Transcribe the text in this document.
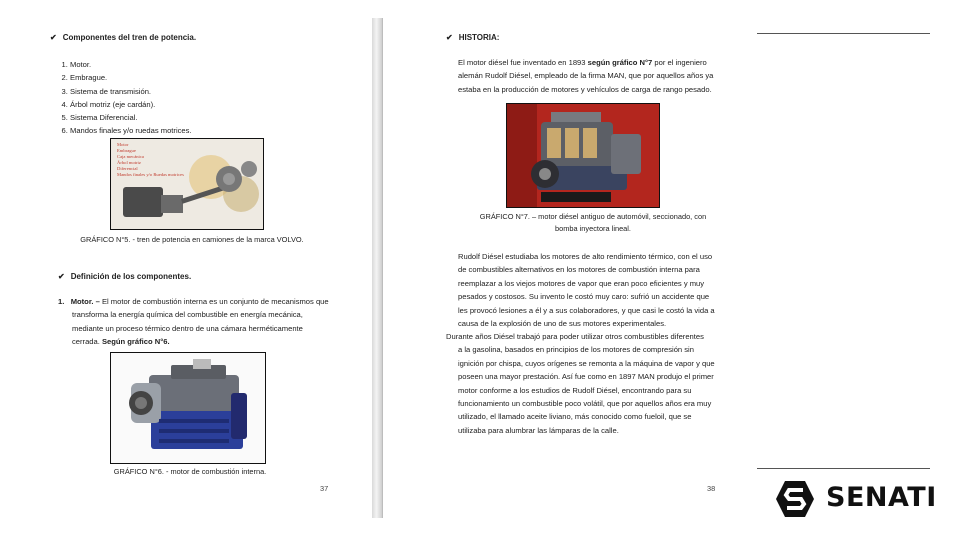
✔ Componentes del tren de potencia.
1. Motor.
2. Embrague.
3. Sistema de transmisión.
4. Árbol motriz (eje cardán).
5. Sistema Diferencial.
6. Mandos finales y/o ruedas motrices.
Motor
Embrague
Caja mecánica
Árbol motriz
Diferencial
Mandos finales y/o Ruedas motrices
GRÁFICO N°5. - tren de potencia en camiones de la marca VOLVO.
✔ Definición de los componentes.
1. Motor. – El motor de combustión interna es un conjunto de mecanismos que
transforma la energía química del combustible en energía mecánica,
mediante un proceso térmico dentro de una cámara herméticamente
cerrada. Según gráfico N°6.
GRÁFICO N°6. - motor de combustión interna.
37
✔ HISTORIA:
El motor diésel fue inventado en 1893 según gráfico N°7 por el ingeniero
alemán Rudolf Diésel, empleado de la firma MAN, que por aquellos años ya
estaba en la producción de motores y vehículos de carga de rango pesado.
GRÁFICO N°7. – motor diésel antiguo de automóvil, seccionado, con
bomba inyectora lineal.
Rudolf Diésel estudiaba los motores de alto rendimiento térmico, con el uso
de combustibles alternativos en los motores de combustión interna para
reemplazar a los viejos motores de vapor que eran poco eficientes y muy
pesados y costosos. Su invento le costó muy caro: sufrió un accidente que
les provocó lesiones a él y a sus colaboradores, y que casi le costó la vida a
causa de la explosión de uno de sus motores experimentales.
Durante años Diésel trabajó para poder utilizar otros combustibles diferentes
a la gasolina, basados en principios de los motores de compresión sin
ignición por chispa, cuyos orígenes se remonta a la máquina de vapor y que
poseen una mayor prestación. Así fue como en 1897 MAN produjo el primer
motor conforme a los estudios de Rudolf Diésel, encontrando para su
funcionamiento un combustible poco volátil, que por aquellos años era muy
utilizado, el llamado aceite liviano, más conocido como fueloil, que se
utilizaba para alumbrar las lámparas de la calle.
38	SENATI
